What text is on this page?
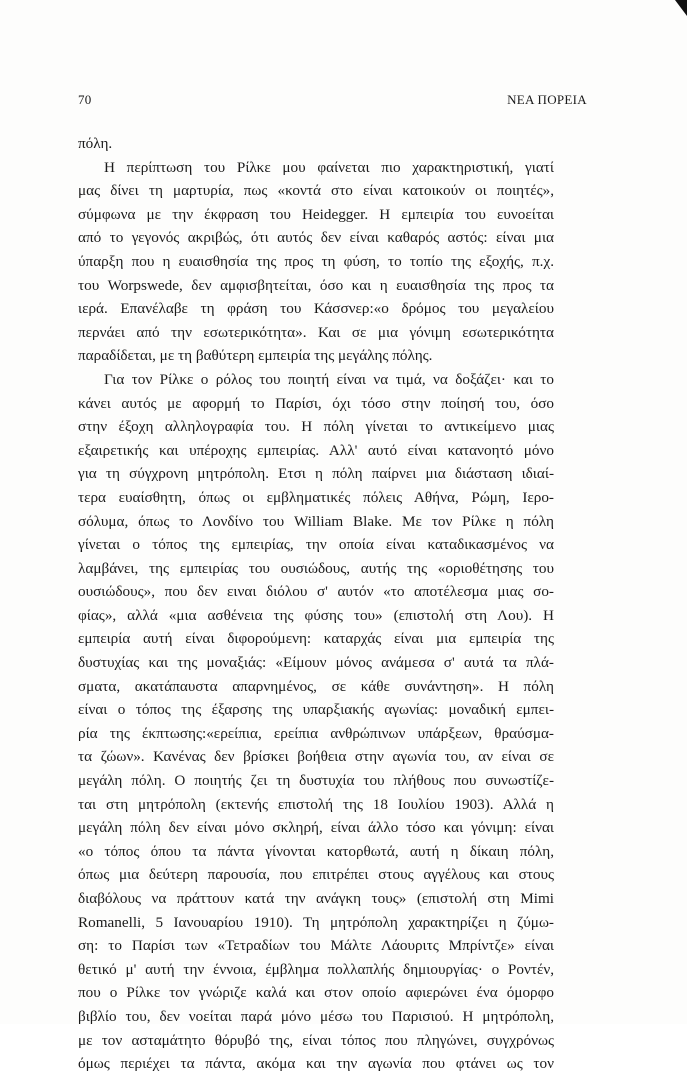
70	ΝΕΑ ΠΟΡΕΙΑ
πόλη.
Η περίπτωση του Ρίλκε μου φαίνεται πιο χαρακτηριστική, γιατί
μας δίνει τη μαρτυρία, πως «κοντά στο είναι κατοικούν οι ποιητές»,
σύμφωνα με την έκφραση του Heidegger. Η εμπειρία του ευνοείται
από το γεγονός ακριβώς, ότι αυτός δεν είναι καθαρός αστός: είναι μια
ύπαρξη που η ευαισθησία της προς τη φύση, το τοπίο της εξοχής, π.χ.
του Worpswede, δεν αμφισβητείται, όσο και η ευαισθησία της προς τα
ιερά. Επανέλαβε τη φράση του Κάσσνερ:«ο δρόμος του μεγαλείου
περνάει από την εσωτερικότητα». Και σε μια γόνιμη εσωτερικότητα
παραδίδεται, με τη βαθύτερη εμπειρία της μεγάλης πόλης.
Για τον Ρίλκε ο ρόλος του ποιητή είναι να τιμά, να δοξάζει· και το
κάνει αυτός με αφορμή το Παρίσι, όχι τόσο στην ποίησή του, όσο
στην έξοχη αλληλογραφία του. Η πόλη γίνεται το αντικείμενο μιας
εξαιρετικής και υπέροχης εμπειρίας. Αλλ' αυτό είναι κατανοητό μόνο
για τη σύγχρονη μητρόπολη. Ετσι η πόλη παίρνει μια διάσταση ιδιαί-
τερα ευαίσθητη, όπως οι εμβληματικές πόλεις Αθήνα, Ρώμη, Ιερο-
σόλυμα, όπως το Λονδίνο του William Blake. Με τον Ρίλκε η πόλη
γίνεται ο τόπος της εμπειρίας, την οποία είναι καταδικασμένος να
λαμβάνει, της εμπειρίας του ουσιώδους, αυτής της «οριοθέτησης του
ουσιώδους», που δεν ειναι διόλου σ' αυτόν «το αποτέλεσμα μιας σο-
φίας», αλλά «μια ασθένεια της φύσης του» (επιστολή στη Λου). Η
εμπειρία αυτή είναι διφορούμενη: καταρχάς είναι μια εμπειρία της
δυστυχίας και της μοναξιάς: «Είμουν μόνος ανάμεσα σ' αυτά τα πλά-
σματα, ακατάπαυστα απαρνημένος, σε κάθε συνάντηση». Η πόλη
είναι ο τόπος της έξαρσης της υπαρξιακής αγωνίας: μοναδική εμπει-
ρία της έκπτωσης:«ερείπια, ερείπια ανθρώπινων υπάρξεων, θραύσμα-
τα ζώων». Κανένας δεν βρίσκει βοήθεια στην αγωνία του, αν είναι σε
μεγάλη πόλη. Ο ποιητής ζει τη δυστυχία του πλήθους που συνωστίζε-
ται στη μητρόπολη (εκτενής επιστολή της 18 Ιουλίου 1903). Αλλά η
μεγάλη πόλη δεν είναι μόνο σκληρή, είναι άλλο τόσο και γόνιμη: είναι
«ο τόπος όπου τα πάντα γίνονται κατορθωτά, αυτή η δίκαιη πόλη,
όπως μια δεύτερη παρουσία, που επιτρέπει στους αγγέλους και στους
διαβόλους να πράττουν κατά την ανάγκη τους» (επιστολή στη Mimi
Romanelli, 5 Ιανουαρίου 1910). Τη μητρόπολη χαρακτηρίζει η ζύμω-
ση: το Παρίσι των «Τετραδίων του Μάλτε Λάουριτς Μπρίντζε» είναι
θετικό μ' αυτή την έννοια, έμβλημα πολλαπλής δημιουργίας· ο Ροντέν,
που ο Ρίλκε τον γνώριζε καλά και στον οποίο αφιερώνει ένα όμορφο
βιβλίο του, δεν νοείται παρά μόνο μέσω του Παρισιού. Η μητρόπολη,
με τον ασταμάτητο θόρυβό της, είναι τόπος που πληγώνει, συγχρόνως
όμως περιέχει τα πάντα, ακόμα και την αγωνία που φτάνει ως τον
